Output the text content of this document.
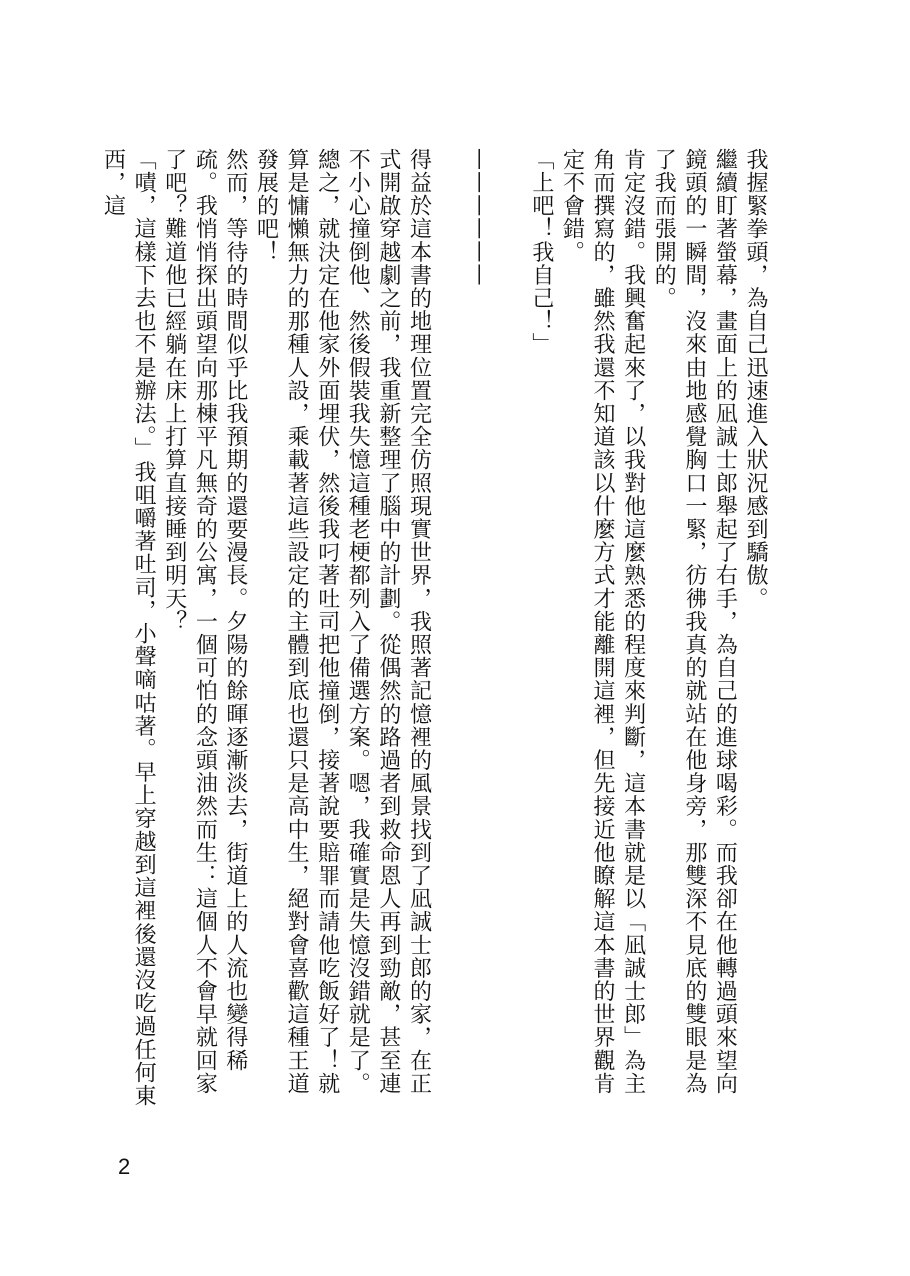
我握緊拳頭，為自己迅速進入狀況感到驕傲。

繼續盯著螢幕，畫面上的凪誠士郎舉起了右手，為自己的進球喝彩。而我卻在他轉過頭來望向鏡頭的一瞬間，沒來由地感覺胸口一緊，彷彿我真的就站在他身旁，那雙深不見底的雙眼是為了我而張開的。

肯定沒錯。我興奮起來了，以我對他這麼熟悉的程度來判斷，這本書就是以「凪誠士郎」為主角而撰寫的，雖然我還不知道該以什麼方式才能離開這裡，但先接近他瞭解這本書的世界觀肯定不會錯。

「上吧！我自己！」

——————

得益於這本書的地理位置完全仿照現實世界，我照著記憶裡的風景找到了凪誠士郎的家，在正式開啟穿越劇之前，我重新整理了腦中的計劃。從偶然的路過者到救命恩人再到勁敵，甚至連不小心撞倒他、然後假裝我失憶這種老梗都列入了備選方案。嗯，我確實是失憶沒錯就是了。

總之，就決定在他家外面埋伏，然後我叼著吐司把他撞倒，接著說要賠罪而請他吃飯好了！就算是慵懶無力的那種人設，乘載著這些設定的主體到底也還只是高中生，絕對會喜歡這種王道發展的吧！

然而，等待的時間似乎比我預期的還要漫長。夕陽的餘暉逐漸淡去，街道上的人流也變得稀疏。我悄悄探出頭望向那棟平凡無奇的公寓，一個可怕的念頭油然而生：這個人不會早就回家了吧？難道他已經躺在床上打算直接睡到明天？

「嘖，這樣下去也不是辦法。」我咀嚼著吐司，小聲嘀咕著。早上穿越到這裡後還沒吃過任何東西，這

2
